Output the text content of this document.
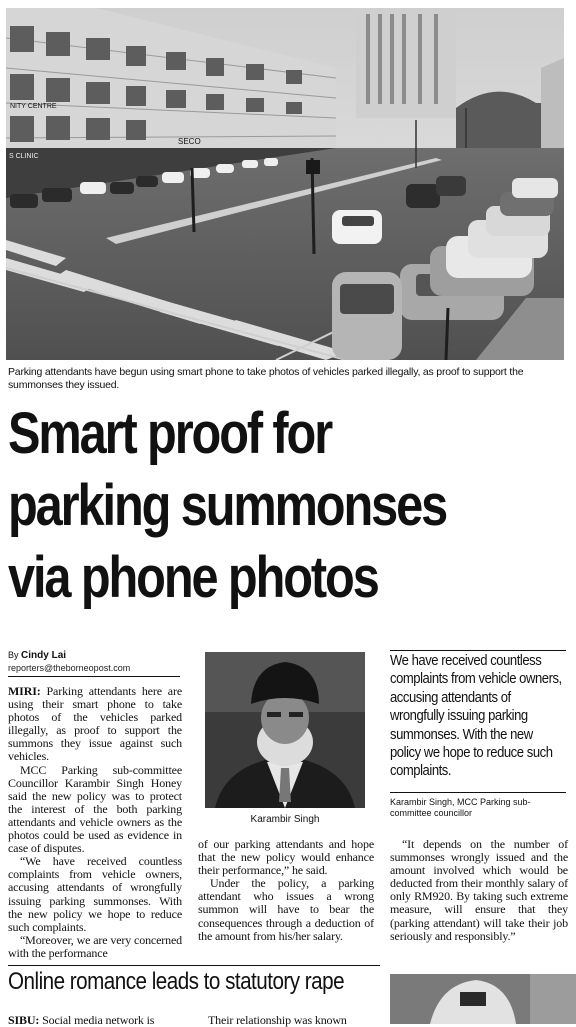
NITY CENTRE
S CLINIC
SECO
Parking attendants have begun using smart phone to take photos of vehicles parked illegally, as proof to support the summonses they issued.
Smart proof for
parking summonses
via phone photos
By Cindy Lai
reporters@theborneopost.com

MIRI: Parking attendants here are using their smart phone to take photos of the vehicles parked illegally, as proof to support the summons they issue against such vehicles.

MCC Parking sub-committee Councillor Karambir Singh Honey said the new policy was to protect the interest of the both parking attendants and vehicle owners as the photos could be used as evidence in case of disputes.

“We have received countless complaints from vehicle owners, accusing attendants of wrongfully issuing parking summonses. With the new policy we hope to reduce such complaints.

“Moreover, we are very concerned with the performance

Karambir Singh

of our parking attendants and hope that the new policy would enhance their performance,” he said.

Under the policy, a parking attendant who issues a wrong summon will have to bear the consequences through a deduction of the amount from his/her salary.

We have received countless complaints from vehicle owners, accusing attendants of wrongfully issuing parking summonses. With the new policy we hope to reduce such complaints.
Karambir Singh, MCC Parking sub-committee councillor

“It depends on the number of summonses wrongly issued and the amount involved which would be deducted from their monthly salary of only RM920. By taking such extreme measure, will ensure that they (parking attendant) will take their job seriously and responsibly.”

Online romance leads to statutory rape
SIBU: Social media network is	Their relationship was known
